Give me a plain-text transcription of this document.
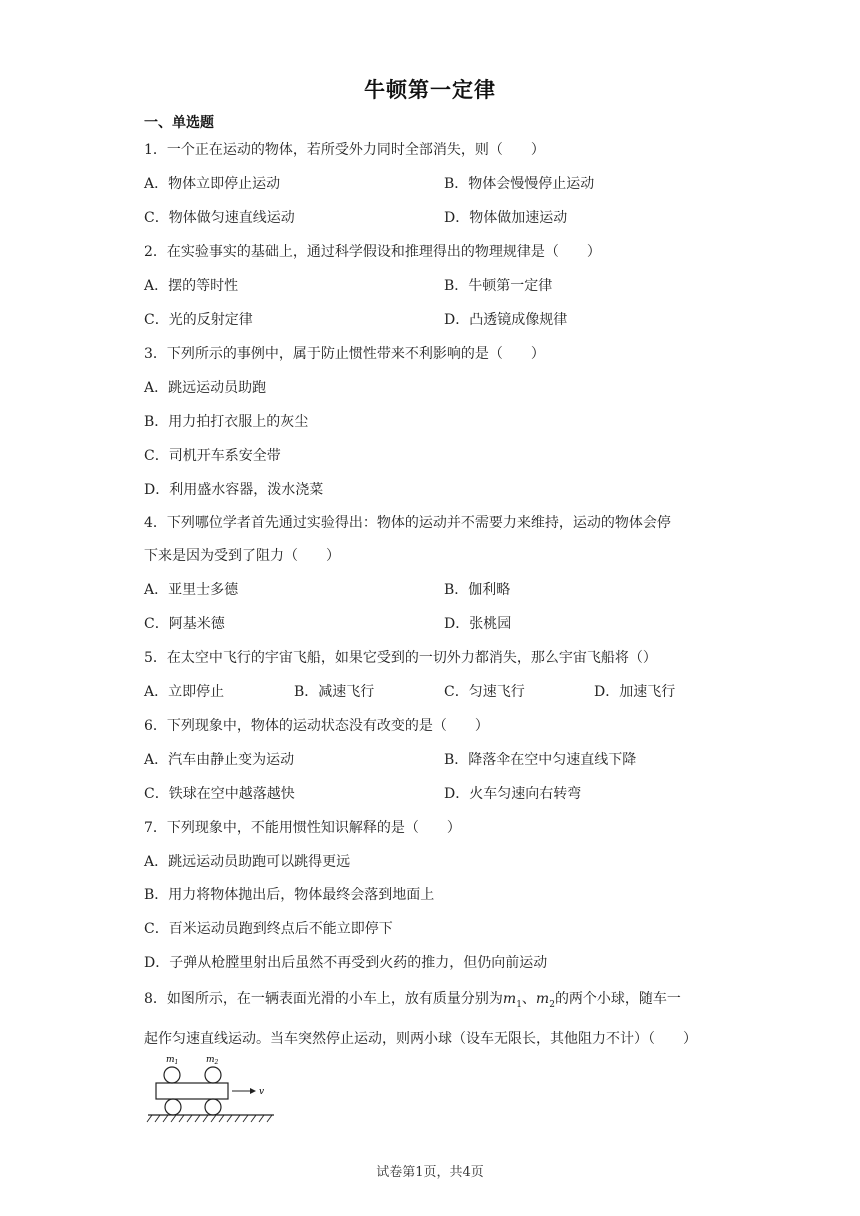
牛顿第一定律
一、单选题
1．一个正在运动的物体，若所受外力同时全部消失，则（　　）
A．物体立即停止运动	B．物体会慢慢停止运动
C．物体做匀速直线运动	D．物体做加速运动
2．在实验事实的基础上，通过科学假设和推理得出的物理规律是（　　）
A．摆的等时性	B．牛顿第一定律
C．光的反射定律	D．凸透镜成像规律
3．下列所示的事例中，属于防止惯性带来不利影响的是（　　）
A．跳远运动员助跑
B．用力拍打衣服上的灰尘
C．司机开车系安全带
D．利用盛水容器，泼水浇菜
4．下列哪位学者首先通过实验得出：物体的运动并不需要力来维持，运动的物体会停
下来是因为受到了阻力（　　）
A．亚里士多德	B．伽利略
C．阿基米德	D．张桃园
5．在太空中飞行的宇宙飞船，如果它受到的一切外力都消失，那么宇宙飞船将（）
A．立即停止	B．减速飞行	C．匀速飞行	D．加速飞行
6．下列现象中，物体的运动状态没有改变的是（　　）
A．汽车由静止变为运动	B．降落伞在空中匀速直线下降
C．铁球在空中越落越快	D．火车匀速向右转弯
7．下列现象中，不能用惯性知识解释的是（　　）
A．跳远运动员助跑可以跳得更远
B．用力将物体抛出后，物体最终会落到地面上
C．百米运动员跑到终点后不能立即停下
D．子弹从枪膛里射出后虽然不再受到火药的推力，但仍向前运动
8．如图所示，在一辆表面光滑的小车上，放有质量分别为$m_1$、$m_2$的两个小球，随车一
起作匀速直线运动。当车突然停止运动，则两小球（设车无限长，其他阻力不计）（　　）
$m_1$	$m_2$
v
试卷第1页，共4页
